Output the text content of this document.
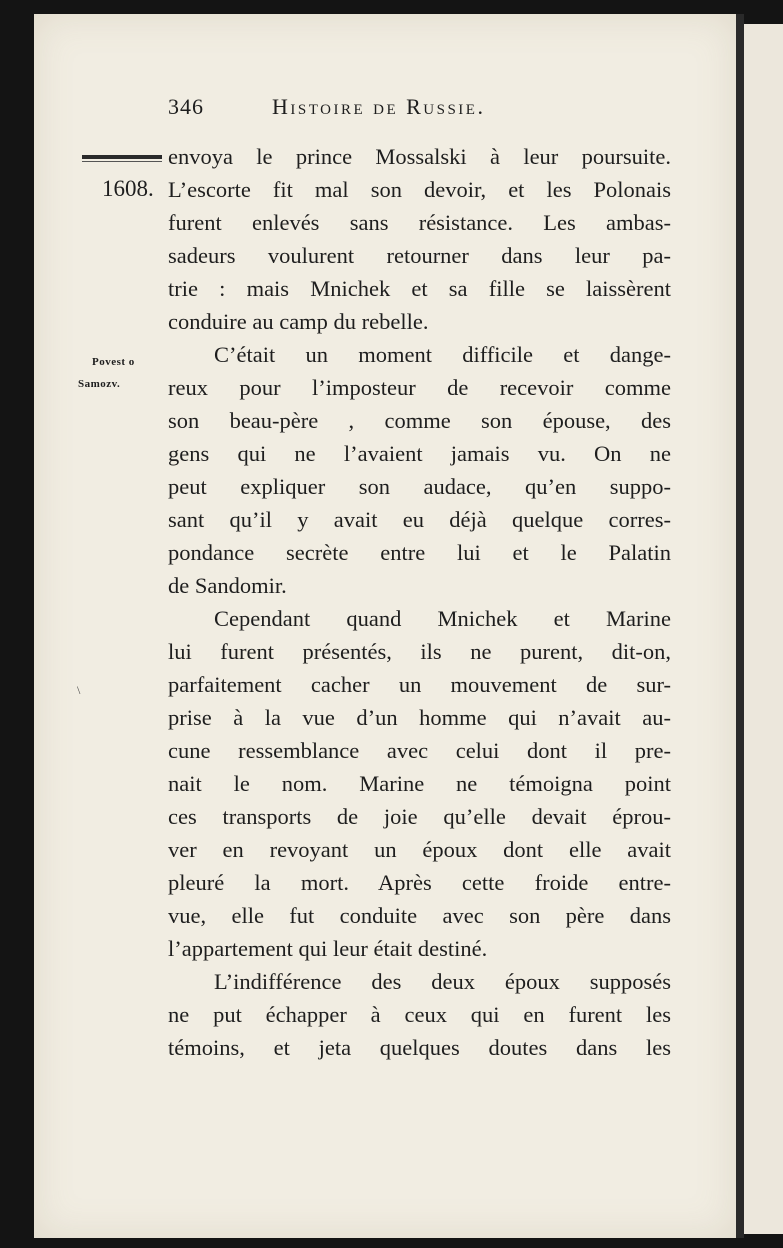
346	Histoire de Russie.
1608.
Povest o
Samozv.
\
envoya le prince Mossalski à leur poursuite.
L’escorte fit mal son devoir, et les Polonais
furent enlevés sans résistance. Les ambas-
sadeurs voulurent retourner dans leur pa-
trie : mais Mnichek et sa fille se laissèrent
conduire au camp du rebelle.
C’était un moment difficile et dange-
reux pour l’imposteur de recevoir comme
son beau-père , comme son épouse, des
gens qui ne l’avaient jamais vu. On ne
peut expliquer son audace, qu’en suppo-
sant qu’il y avait eu déjà quelque corres-
pondance secrète entre lui et le Palatin
de Sandomir.
Cependant quand Mnichek et Marine
lui furent présentés, ils ne purent, dit-on,
parfaitement cacher un mouvement de sur-
prise à la vue d’un homme qui n’avait au-
cune ressemblance avec celui dont il pre-
nait le nom. Marine ne témoigna point
ces transports de joie qu’elle devait éprou-
ver en revoyant un époux dont elle avait
pleuré la mort. Après cette froide entre-
vue, elle fut conduite avec son père dans
l’appartement qui leur était destiné.
L’indifférence des deux époux supposés
ne put échapper à ceux qui en furent les
témoins, et jeta quelques doutes dans les
